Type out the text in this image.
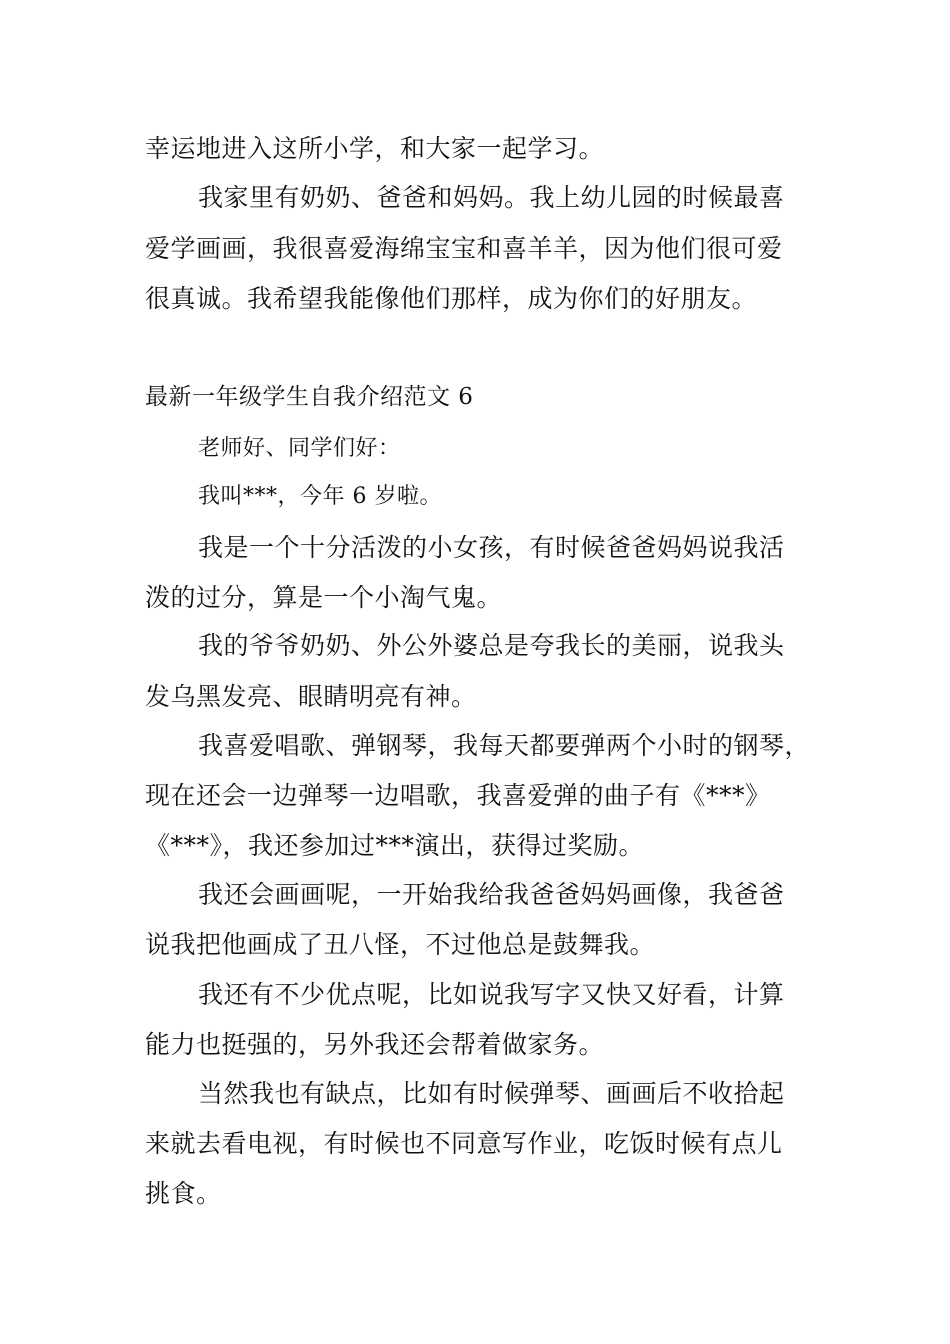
幸运地进入这所小学，和大家一起学习。
我家里有奶奶、爸爸和妈妈。我上幼儿园的时候最喜
爱学画画，我很喜爱海绵宝宝和喜羊羊，因为他们很可爱
很真诚。我希望我能像他们那样，成为你们的好朋友。
最新一年级学生自我介绍范文 6
老师好、同学们好：
我叫***，今年 6 岁啦。
我是一个十分活泼的小女孩，有时候爸爸妈妈说我活
泼的过分，算是一个小淘气鬼。
我的爷爷奶奶、外公外婆总是夸我长的美丽，说我头
发乌黑发亮、眼睛明亮有神。
我喜爱唱歌、弹钢琴，我每天都要弹两个小时的钢琴，
现在还会一边弹琴一边唱歌，我喜爱弹的曲子有《***》
《***》，我还参加过***演出，获得过奖励。
我还会画画呢，一开始我给我爸爸妈妈画像，我爸爸
说我把他画成了丑八怪，不过他总是鼓舞我。
我还有不少优点呢，比如说我写字又快又好看，计算
能力也挺强的，另外我还会帮着做家务。
当然我也有缺点，比如有时候弹琴、画画后不收拾起
来就去看电视，有时候也不同意写作业，吃饭时候有点儿
挑食。
